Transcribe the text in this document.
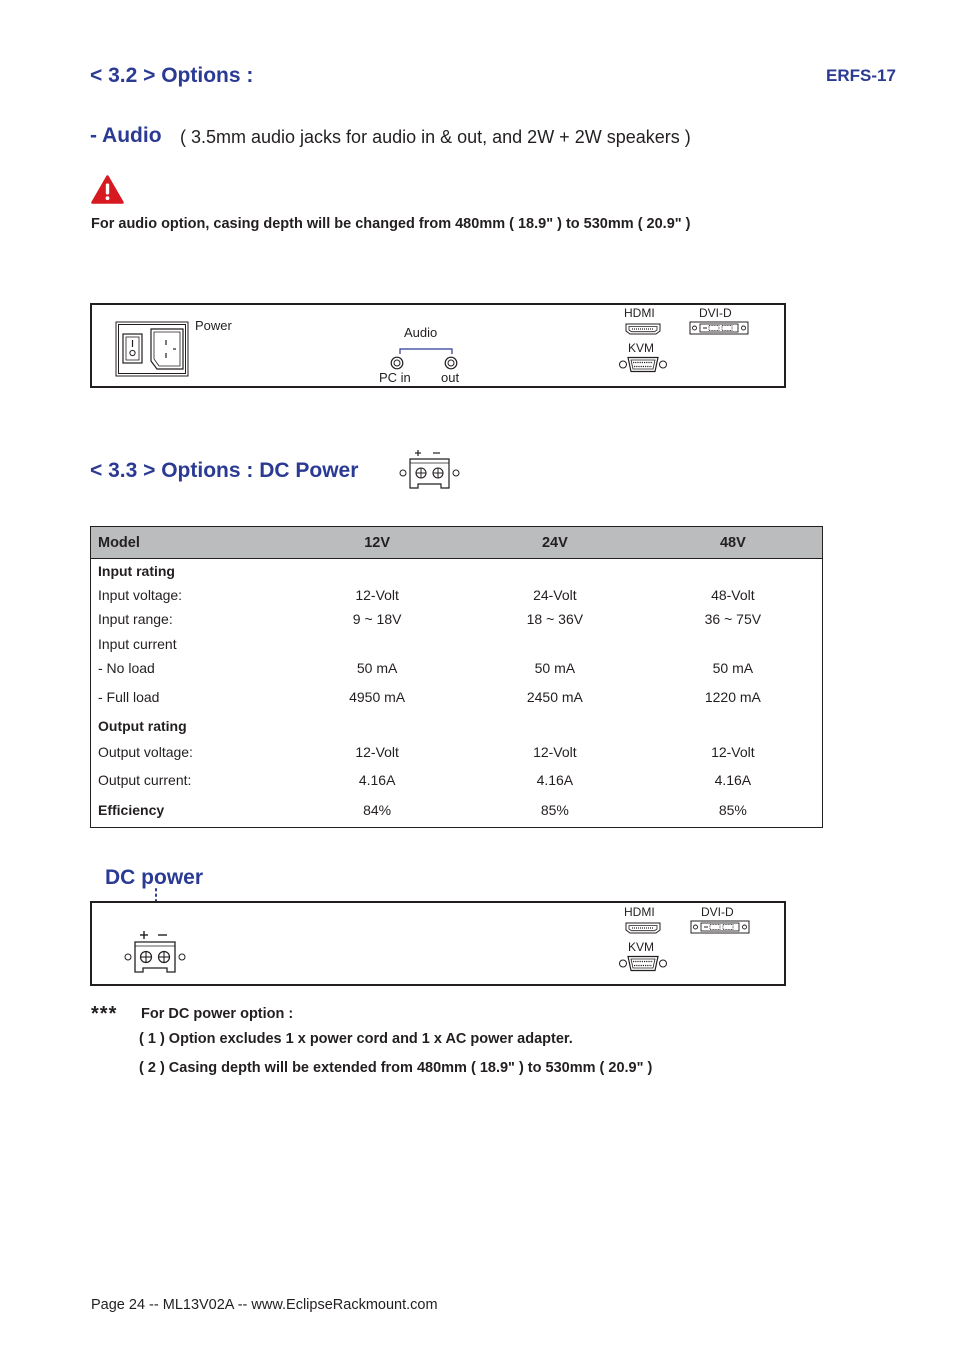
< 3.2 > Options :	ERFS-17
- Audio ( 3.5mm audio jacks for audio in & out, and 2W + 2W speakers )
For audio option, casing depth will be changed from 480mm ( 18.9" ) to 530mm ( 20.9" )
Power	Audio
PC in out
HDMI	DVI-D
KVM
< 3.3 > Options : DC Power
Model	12V	24V	48V
Input rating			
Input voltage:	12-Volt	24-Volt	48-Volt
Input range:	9 ~ 18V	18 ~ 36V	36 ~ 75V
Input current			
- No load	50 mA	50 mA	50 mA
- Full load	4950 mA	2450 mA	1220 mA
Output rating			
Output voltage:	12-Volt	12-Volt	12-Volt
Output current:	4.16A	4.16A	4.16A
Efficiency	84%	85%	85%
DC power
HDMI	DVI-D
KVM
*** For DC power option :
( 1 ) Option excludes 1 x power cord and 1 x AC power adapter.
( 2 ) Casing depth will be extended from 480mm ( 18.9" ) to 530mm ( 20.9" )
Page 24 -- ML13V02A -- www.EclipseRackmount.com
